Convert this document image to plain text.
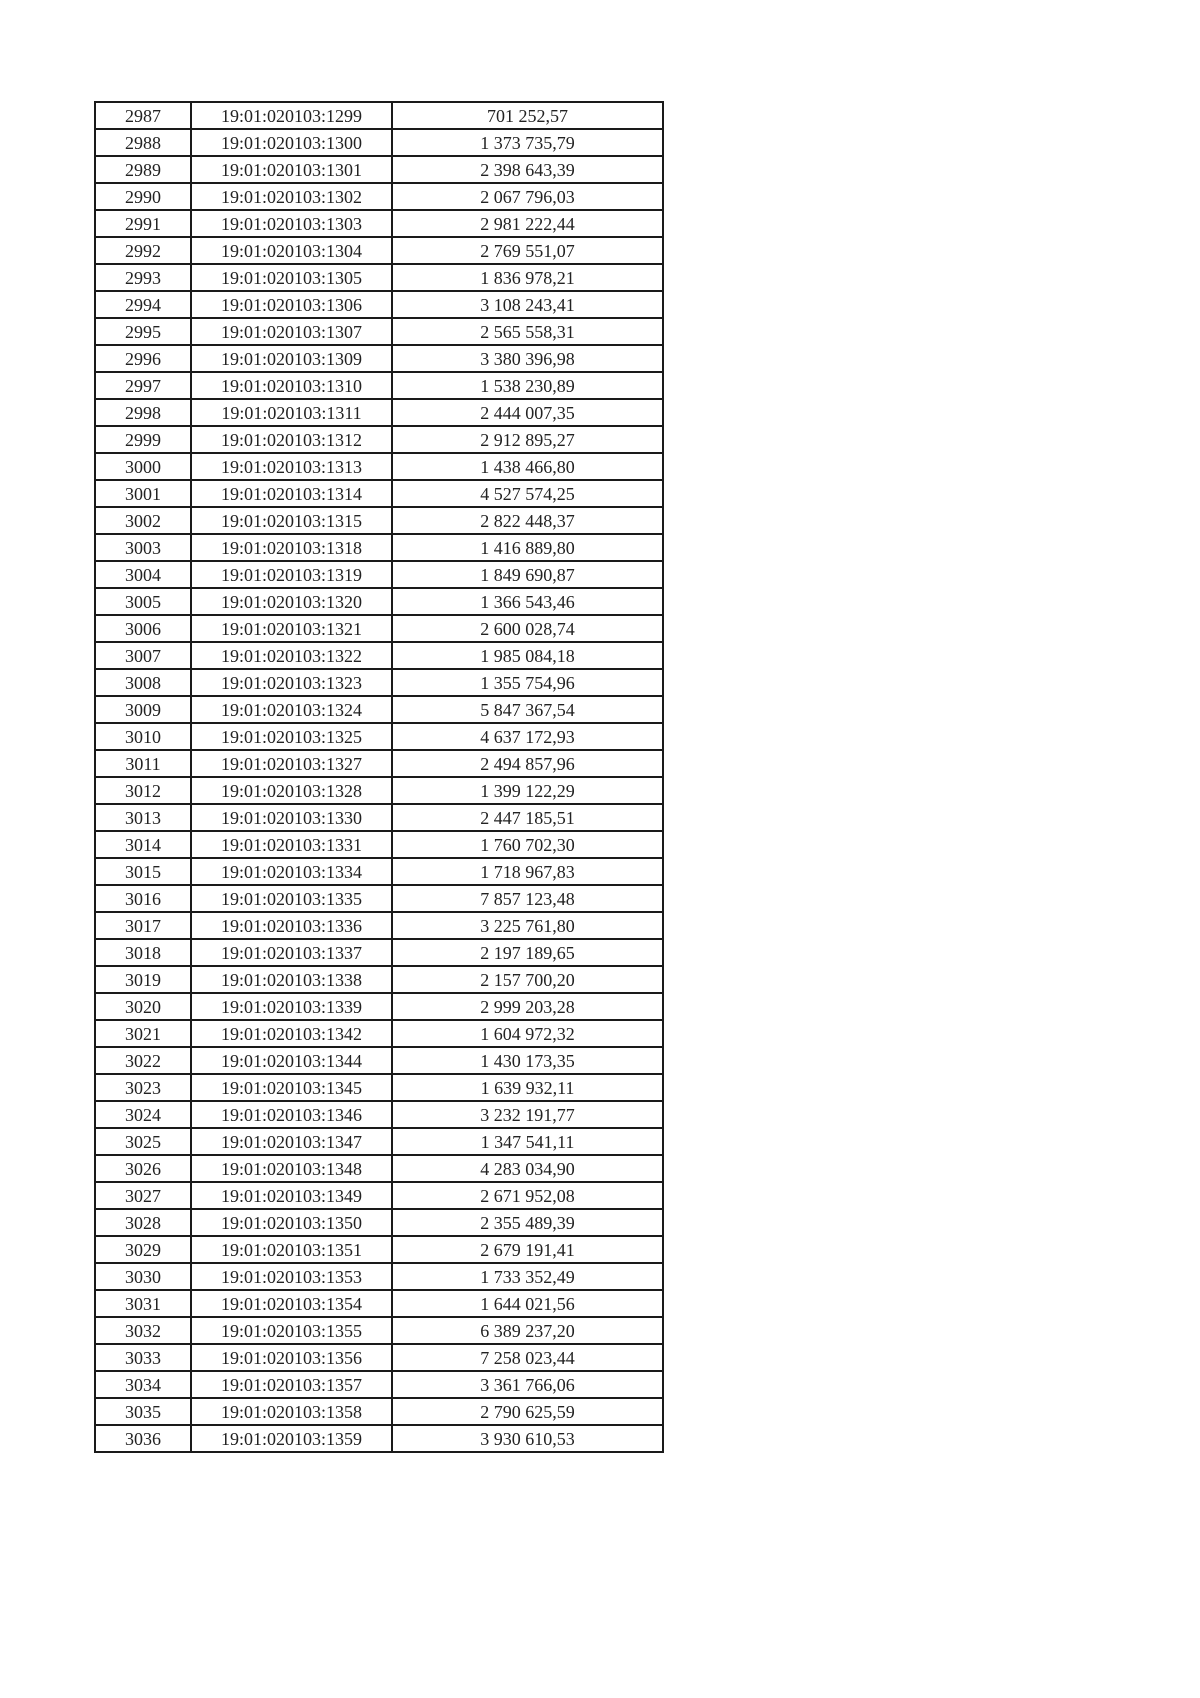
2987	19:01:020103:1299	701 252,57
2988	19:01:020103:1300	1 373 735,79
2989	19:01:020103:1301	2 398 643,39
2990	19:01:020103:1302	2 067 796,03
2991	19:01:020103:1303	2 981 222,44
2992	19:01:020103:1304	2 769 551,07
2993	19:01:020103:1305	1 836 978,21
2994	19:01:020103:1306	3 108 243,41
2995	19:01:020103:1307	2 565 558,31
2996	19:01:020103:1309	3 380 396,98
2997	19:01:020103:1310	1 538 230,89
2998	19:01:020103:1311	2 444 007,35
2999	19:01:020103:1312	2 912 895,27
3000	19:01:020103:1313	1 438 466,80
3001	19:01:020103:1314	4 527 574,25
3002	19:01:020103:1315	2 822 448,37
3003	19:01:020103:1318	1 416 889,80
3004	19:01:020103:1319	1 849 690,87
3005	19:01:020103:1320	1 366 543,46
3006	19:01:020103:1321	2 600 028,74
3007	19:01:020103:1322	1 985 084,18
3008	19:01:020103:1323	1 355 754,96
3009	19:01:020103:1324	5 847 367,54
3010	19:01:020103:1325	4 637 172,93
3011	19:01:020103:1327	2 494 857,96
3012	19:01:020103:1328	1 399 122,29
3013	19:01:020103:1330	2 447 185,51
3014	19:01:020103:1331	1 760 702,30
3015	19:01:020103:1334	1 718 967,83
3016	19:01:020103:1335	7 857 123,48
3017	19:01:020103:1336	3 225 761,80
3018	19:01:020103:1337	2 197 189,65
3019	19:01:020103:1338	2 157 700,20
3020	19:01:020103:1339	2 999 203,28
3021	19:01:020103:1342	1 604 972,32
3022	19:01:020103:1344	1 430 173,35
3023	19:01:020103:1345	1 639 932,11
3024	19:01:020103:1346	3 232 191,77
3025	19:01:020103:1347	1 347 541,11
3026	19:01:020103:1348	4 283 034,90
3027	19:01:020103:1349	2 671 952,08
3028	19:01:020103:1350	2 355 489,39
3029	19:01:020103:1351	2 679 191,41
3030	19:01:020103:1353	1 733 352,49
3031	19:01:020103:1354	1 644 021,56
3032	19:01:020103:1355	6 389 237,20
3033	19:01:020103:1356	7 258 023,44
3034	19:01:020103:1357	3 361 766,06
3035	19:01:020103:1358	2 790 625,59
3036	19:01:020103:1359	3 930 610,53
